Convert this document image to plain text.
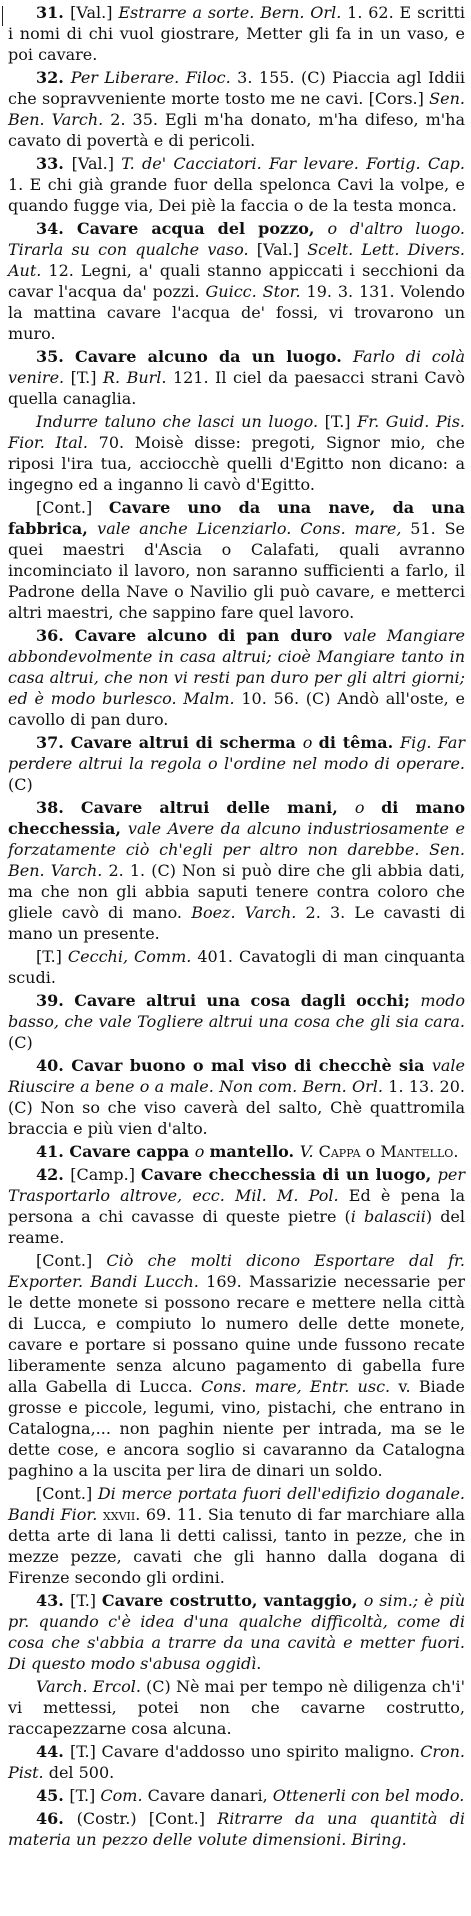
31. [Val.] Estrarre a sorte. Bern. Orl. 1. 62. E scritti i nomi di chi vuol giostrare, Metter gli fa in un vaso, e poi cavare.

32. Per Liberare. Filoc. 3. 155. (C) Piaccia agl Iddii che sopravveniente morte tosto me ne cavi. [Cors.] Sen. Ben. Varch. 2. 35. Egli m'ha donato, m'ha difeso, m'ha cavato di povertà e di pericoli.

33. [Val.] T. de' Cacciatori. Far levare. Fortig. Cap. 1. E chi già grande fuor della spelonca Cavi la volpe, e quando fugge via, Dei piè la faccia o de la testa monca.

34. Cavare acqua del pozzo, o d'altro luogo. Tirarla su con qualche vaso. [Val.] Scelt. Lett. Divers. Aut. 12. Legni, a' quali stanno appiccati i secchioni da cavar l'acqua da' pozzi. Guicc. Stor. 19. 3. 131. Volendo la mattina cavare l'acqua de' fossi, vi trovarono un muro.

35. Cavare alcuno da un luogo. Farlo di colà venire. [T.] R. Burl. 121. Il ciel da paesacci strani Cavò quella canaglia.

Indurre taluno che lasci un luogo. [T.] Fr. Guid. Pis. Fior. Ital. 70. Moisè disse: pregoti, Signor mio, che riposi l'ira tua, acciocchè quelli d'Egitto non dicano: a ingegno ed a inganno li cavò d'Egitto.

[Cont.] Cavare uno da una nave, da una fabbrica, vale anche Licenziarlo. Cons. mare, 51. Se quei maestri d'Ascia o Calafati, quali avranno incominciato il lavoro, non saranno sufficienti a farlo, il Padrone della Nave o Navilio gli può cavare, e metterci altri maestri, che sappino fare quel lavoro.

36. Cavare alcuno di pan duro vale Mangiare abbondevolmente in casa altrui; cioè Mangiare tanto in casa altrui, che non vi resti pan duro per gli altri giorni; ed è modo burlesco. Malm. 10. 56. (C) Andò all'oste, e cavollo di pan duro.

37. Cavare altrui di scherma o di têma. Fig. Far perdere altrui la regola o l'ordine nel modo di operare. (C)

38. Cavare altrui delle mani, o di mano checchessia, vale Avere da alcuno industriosamente e forzatamente ciò ch'egli per altro non darebbe. Sen. Ben. Varch. 2. 1. (C) Non si può dire che gli abbia dati, ma che non gli abbia saputi tenere contra coloro che gliele cavò di mano. Boez. Varch. 2. 3. Le cavasti di mano un presente.

[T.] Cecchi, Comm. 401. Cavatogli di man cinquanta scudi.

39. Cavare altrui una cosa dagli occhi; modo basso, che vale Togliere altrui una cosa che gli sia cara. (C)

40. Cavar buono o mal viso di checchè sia vale Riuscire a bene o a male. Non com. Bern. Orl. 1. 13. 20. (C) Non so che viso caverà del salto, Chè quattromila braccia e più vien d'alto.

41. Cavare cappa o mantello. V. Cappa o Mantello.

42. [Camp.] Cavare checchessia di un luogo, per Trasportarlo altrove, ecc. Mil. M. Pol. Ed è pena la persona a chi cavasse di queste pietre (i balascii) del reame.

[Cont.] Ciò che molti dicono Esportare dal fr. Exporter. Bandi Lucch. 169. Massarizie necessarie per le dette monete si possono recare e mettere nella città di Lucca, e compiuto lo numero delle dette monete, cavare e portare si possano quine unde fussono recate liberamente senza alcuno pagamento di gabella fure alla Gabella di Lucca. Cons. mare, Entr. usc. v. Biade grosse e piccole, legumi, vino, pistachi, che entrano in Catalogna,... non paghin niente per intrada, ma se le dette cose, e ancora soglio si cavaranno da Catalogna paghino a la uscita per lira de dinari un soldo.

[Cont.] Di merce portata fuori dell'edifizio doganale. Bandi Fior. xxvii. 69. 11. Sia tenuto di far marchiare alla detta arte di lana li detti calissi, tanto in pezze, che in mezze pezze, cavati che gli hanno dalla dogana di Firenze secondo gli ordini.

43. [T.] Cavare costrutto, vantaggio, o sim.; è più pr. quando c'è idea d'una qualche difficoltà, come di cosa che s'abbia a trarre da una cavità e metter fuori. Di questo modo s'abusa oggidì.

Varch. Ercol. (C) Nè mai per tempo nè diligenza ch'i' vi mettessi, potei non che cavarne costrutto, raccapezzarne cosa alcuna.

44. [T.] Cavare d'addosso uno spirito maligno. Cron. Pist. del 500.

45. [T.] Com. Cavare danari, Ottenerli con bel modo.

46. (Costr.) [Cont.] Ritrarre da una quantità di materia un pezzo delle volute dimensioni. Biring.
